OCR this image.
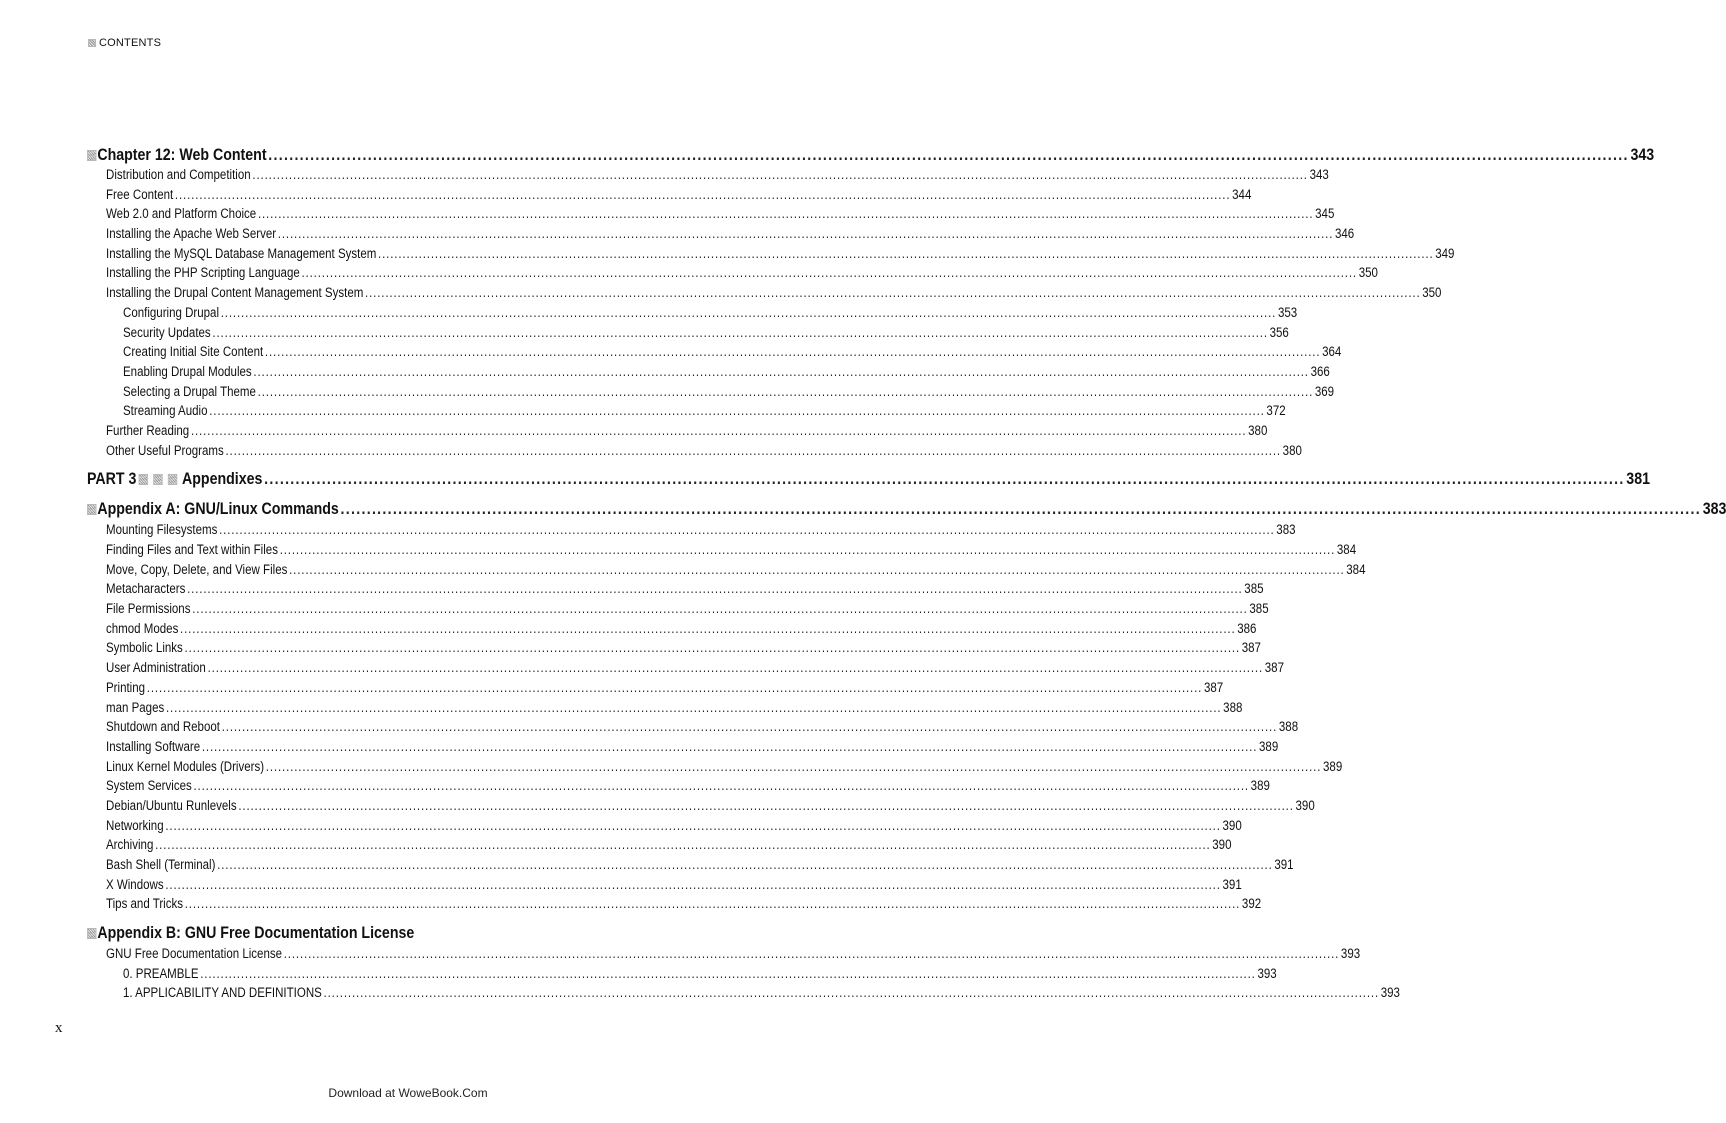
CONTENTS
Chapter 12: Web Content .................................................................................................................................................................................................................................................................... 343
Distribution and Competition .................................................................................................................................................................................................................................................................... 343
Free Content .................................................................................................................................................................................................................................................................... 344
Web 2.0 and Platform Choice .................................................................................................................................................................................................................................................................... 345
Installing the Apache Web Server .................................................................................................................................................................................................................................................................... 346
Installing the MySQL Database Management System .................................................................................................................................................................................................................................................................... 349
Installing the PHP Scripting Language .................................................................................................................................................................................................................................................................... 350
Installing the Drupal Content Management System .................................................................................................................................................................................................................................................................... 350
Configuring Drupal .................................................................................................................................................................................................................................................................... 353
Security Updates .................................................................................................................................................................................................................................................................... 356
Creating Initial Site Content .................................................................................................................................................................................................................................................................... 364
Enabling Drupal Modules .................................................................................................................................................................................................................................................................... 366
Selecting a Drupal Theme .................................................................................................................................................................................................................................................................... 369
Streaming Audio .................................................................................................................................................................................................................................................................... 372
Further Reading .................................................................................................................................................................................................................................................................... 380
Other Useful Programs .................................................................................................................................................................................................................................................................... 380
PART 3	Appendixes .................................................................................................................................................................................................................................................................... 381
Appendix A: GNU/Linux Commands .................................................................................................................................................................................................................................................................... 383
Mounting Filesystems .................................................................................................................................................................................................................................................................... 383
Finding Files and Text within Files .................................................................................................................................................................................................................................................................... 384
Move, Copy, Delete, and View Files .................................................................................................................................................................................................................................................................... 384
Metacharacters .................................................................................................................................................................................................................................................................... 385
File Permissions .................................................................................................................................................................................................................................................................... 385
chmod Modes .................................................................................................................................................................................................................................................................... 386
Symbolic Links .................................................................................................................................................................................................................................................................... 387
User Administration .................................................................................................................................................................................................................................................................... 387
Printing .................................................................................................................................................................................................................................................................... 387
man Pages .................................................................................................................................................................................................................................................................... 388
Shutdown and Reboot .................................................................................................................................................................................................................................................................... 388
Installing Software .................................................................................................................................................................................................................................................................... 389
Linux Kernel Modules (Drivers) .................................................................................................................................................................................................................................................................... 389
System Services .................................................................................................................................................................................................................................................................... 389
Debian/Ubuntu Runlevels .................................................................................................................................................................................................................................................................... 390
Networking .................................................................................................................................................................................................................................................................... 390
Archiving .................................................................................................................................................................................................................................................................... 390
Bash Shell (Terminal) .................................................................................................................................................................................................................................................................... 391
X Windows .................................................................................................................................................................................................................................................................... 391
Tips and Tricks .................................................................................................................................................................................................................................................................... 392
Appendix B: GNU Free Documentation License
GNU Free Documentation License .................................................................................................................................................................................................................................................................... 393
0. PREAMBLE .................................................................................................................................................................................................................................................................... 393
1. APPLICABILITY AND DEFINITIONS .................................................................................................................................................................................................................................................................... 393
x
Download at WoweBook.Com
